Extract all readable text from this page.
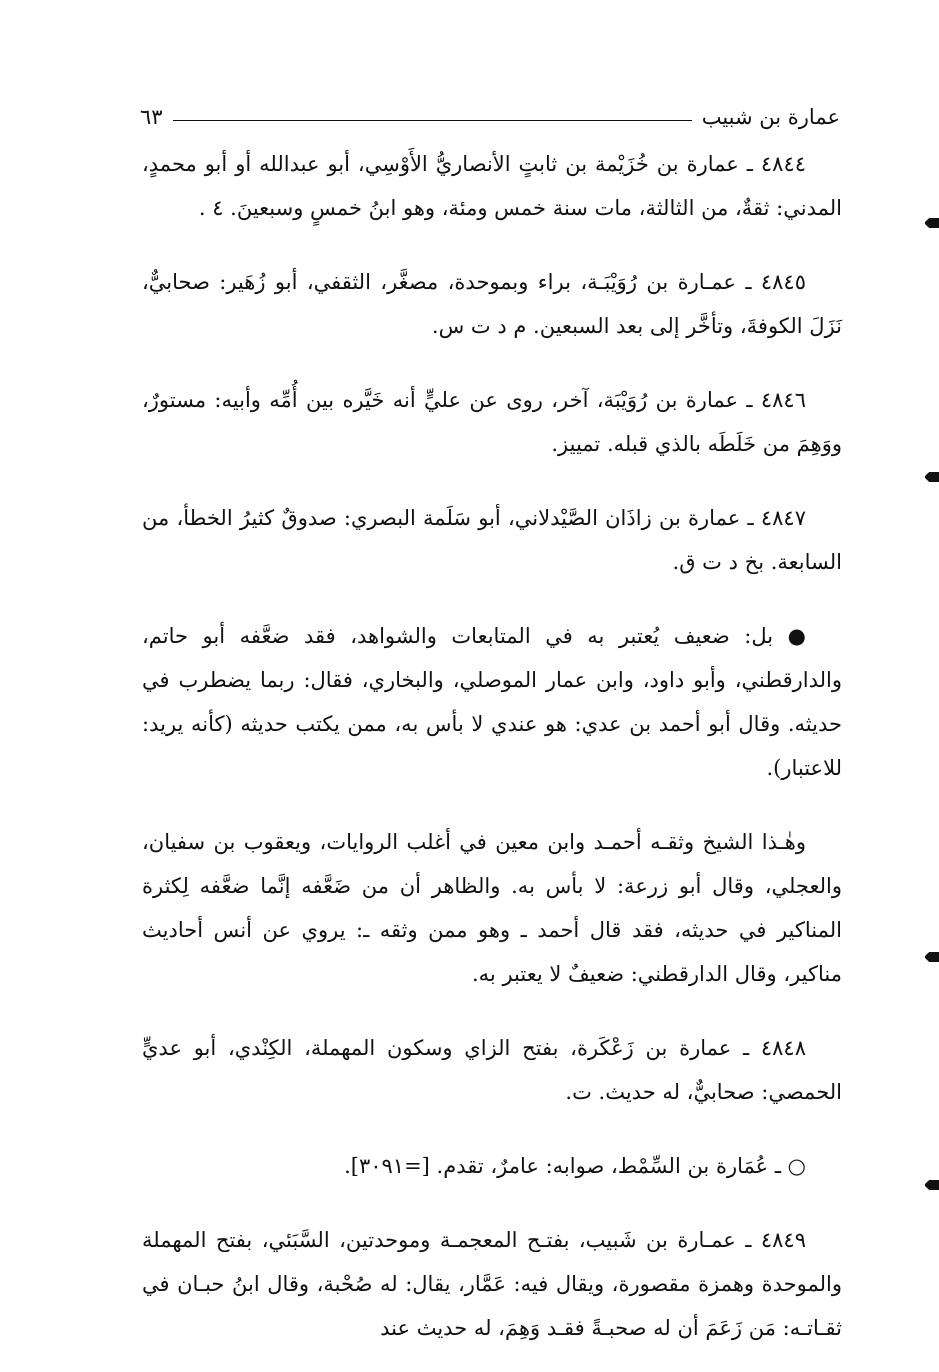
عمارة بن شبيب
٦٣

٤٨٤٤ ـ عمارة بن خُزَيْمة بن ثابتٍ الأنصاريُّ الأَوْسِي، أبو عبدالله أو أبو محمدٍ، المدني: ثقةٌ، من الثالثة، مات سنة خمس ومئة، وهو ابنُ خمسٍ وسبعينَ. ٤ .

٤٨٤٥ ـ عمـارة بن رُوَيْبَـة، براء وبموحدة، مصغَّر، الثقفي، أبو زُهَير: صحابيٌّ، نَزَلَ الكوفةَ، وتأخَّر إلى بعد السبعين. م د ت س.

٤٨٤٦ ـ عمارة بن رُوَيْبَة، آخر، روى عن عليٍّ أنه خَيَّره بين أُمِّه وأبيه: مستورٌ، ووَهِمَ من خَلَطَه بالذي قبله. تمييز.

٤٨٤٧ ـ عمارة بن زاذَان الصَّيْدلاني، أبو سَلَمة البصري: صدوقٌ كثيرُ الخطأ، من السابعة. بخ د ت ق.

● بل: ضعيف يُعتبر به في المتابعات والشواهد، فقد ضعَّفه أبو حاتم، والدارقطني، وأبو داود، وابن عمار الموصلي، والبخاري، فقال: ربما يضطرب في حديثه. وقال أبو أحمد بن عدي: هو عندي لا بأس به، ممن يكتب حديثه (كأنه يريد: للاعتبار).

وهٰـذا الشيخ وثقـه أحمـد وابن معين في أغلب الروايات، ويعقوب بن سفيان، والعجلي، وقال أبو زرعة: لا بأس به. والظاهر أن من ضَعَّفه إنَّما ضعَّفه لِكثرة المناكير في حديثه، فقد قال أحمد ـ وهو ممن وثقه ـ: يروي عن أنس أحاديث مناكير، وقال الدارقطني: ضعيفٌ لا يعتبر به.

٤٨٤٨ ـ عمارة بن زَعْكَرة، بفتح الزاي وسكون المهملة، الكِنْدي، أبو عديٍّ الحمصي: صحابيٌّ، له حديث. ت.

○ ـ عُمَارة بن السِّمْط، صوابه: عامرٌ، تقدم. [=٣٠٩١].

٤٨٤٩ ـ عمـارة بن شَبيب، بفتـح المعجمـة وموحدتين، السَّبَئي، بفتح المهملة والموحدة وهمزة مقصورة، ويقال فيه: عَمَّار، يقال: له صُحْبة، وقال ابنُ حبـان في ثقـاتـه: مَن زَعَمَ أن له صحبـةً فقـد وَهِمَ، له حديث عند
